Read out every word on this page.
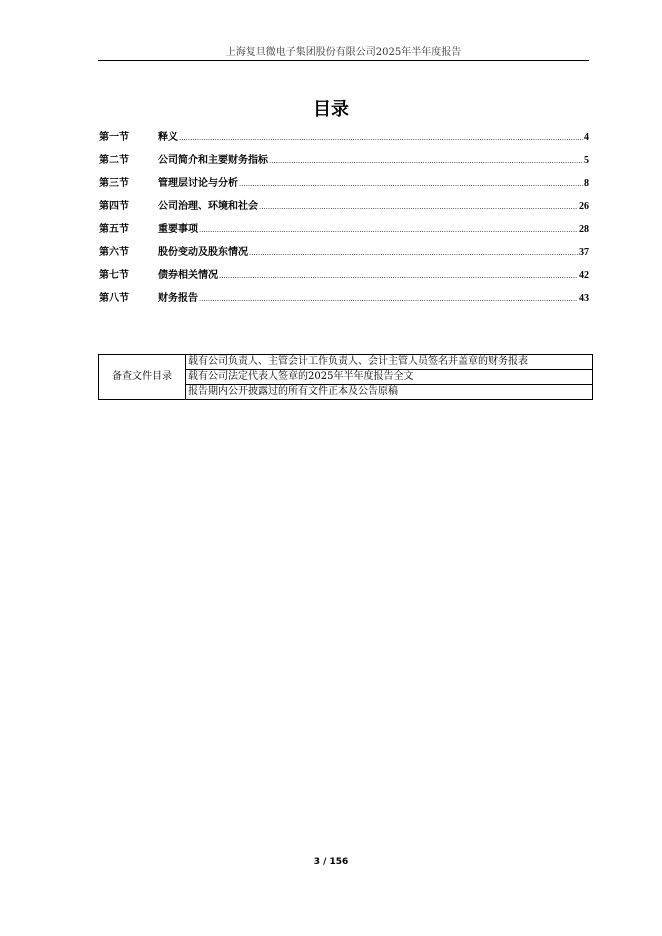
上海复旦微电子集团股份有限公司2025年半年度报告
目录
第一节	释义 .....	4
第二节	公司简介和主要财务指标 .....	5
第三节	管理层讨论与分析 .....	8
第四节	公司治理、环境和社会 .....	26
第五节	重要事项 .....	28
第六节	股份变动及股东情况 .....	37
第七节	债券相关情况 .....	42
第八节	财务报告 .....	43
备查文件目录	载有公司负责人、主管会计工作负责人、会计主管人员签名并盖章的财务报表
载有公司法定代表人签章的2025年半年度报告全文
报告期内公开披露过的所有文件正本及公告原稿
3 / 156
